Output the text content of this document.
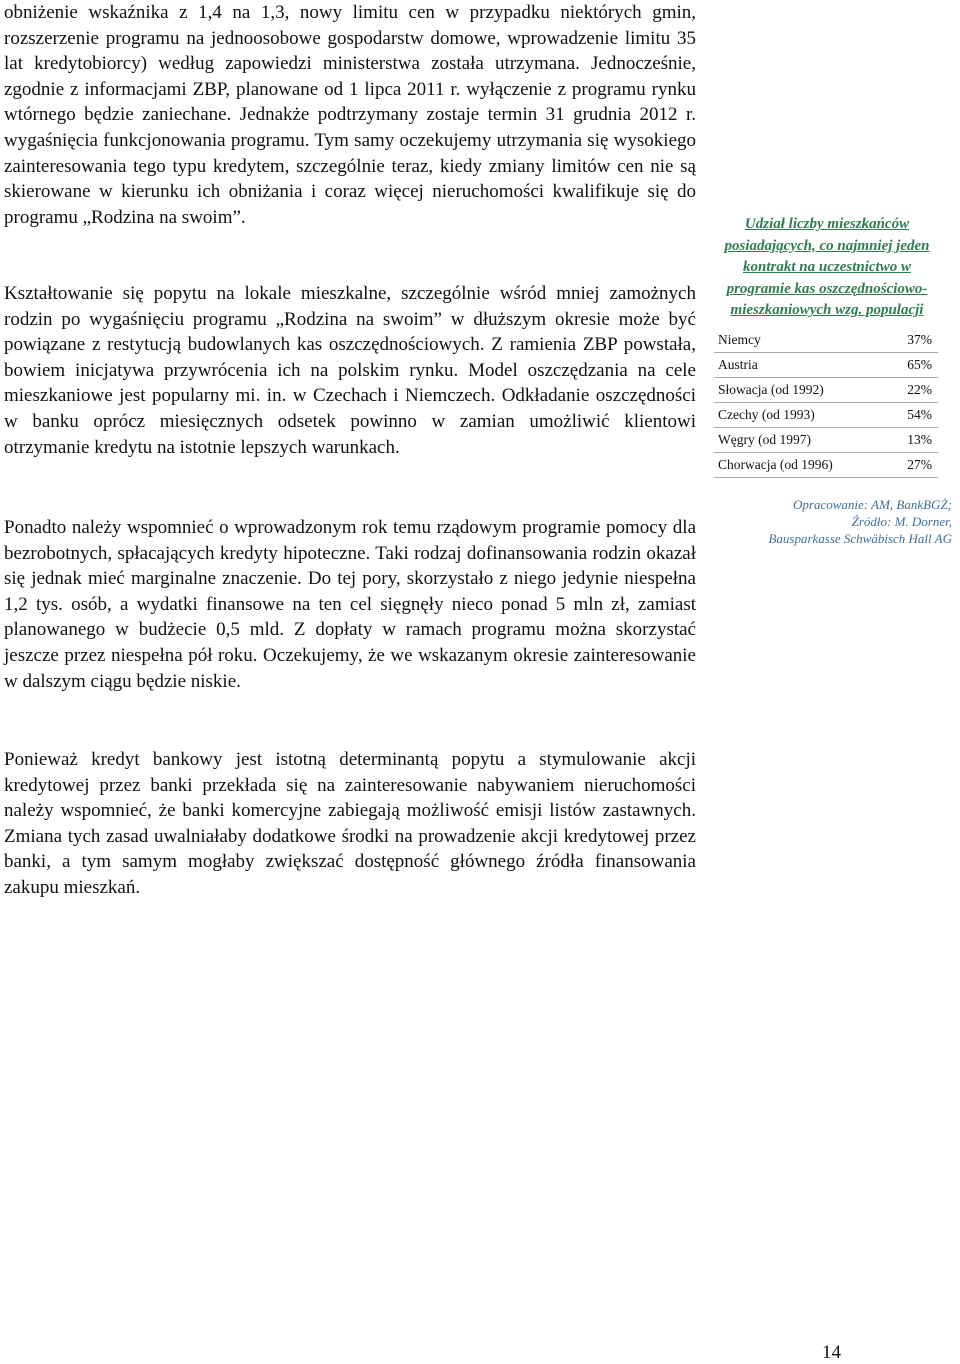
obniżenie wskaźnika z 1,4 na 1,3, nowy limitu cen w przypadku niektórych gmin, rozszerzenie programu na jednoosobowe gospodarstw domowe, wprowadzenie limitu 35 lat kredytobiorcy) według zapowiedzi ministerstwa została utrzymana. Jednocześnie, zgodnie z informacjami ZBP, planowane od 1 lipca 2011 r. wyłączenie z programu rynku wtórnego będzie zaniechane. Jednakże podtrzymany zostaje termin 31 grudnia 2012 r. wygaśnięcia funkcjonowania programu. Tym samy oczekujemy utrzymania się wysokiego zainteresowania tego typu kredytem, szczególnie teraz, kiedy zmiany limitów cen nie są skierowane w kierunku ich obniżania i coraz więcej nieruchomości kwalifikuje się do programu „Rodzina na swoim”.

Kształtowanie się popytu na lokale mieszkalne, szczególnie wśród mniej zamożnych rodzin po wygaśnięciu programu „Rodzina na swoim” w dłuższym okresie może być powiązane z restytucją budowlanych kas oszczędnościowych. Z ramienia ZBP powstała, bowiem inicjatywa przywrócenia ich na polskim rynku. Model oszczędzania na cele mieszkaniowe jest popularny mi. in. w Czechach i Niemczech. Odkładanie oszczędności w banku oprócz miesięcznych odsetek powinno w zamian umożliwić klientowi otrzymanie kredytu na istotnie lepszych warunkach.

Ponadto należy wspomnieć o wprowadzonym rok temu rządowym programie pomocy dla bezrobotnych, spłacających kredyty hipoteczne. Taki rodzaj dofinansowania rodzin okazał się jednak mieć marginalne znaczenie. Do tej pory, skorzystało z niego jedynie niespełna 1,2 tys. osób, a wydatki finansowe na ten cel sięgnęły nieco ponad 5 mln zł, zamiast planowanego w budżecie 0,5 mld. Z dopłaty w ramach programu można skorzystać jeszcze przez niespełna pół roku. Oczekujemy, że we wskazanym okresie zainteresowanie w dalszym ciągu będzie niskie.

Ponieważ kredyt bankowy jest istotną determinantą popytu a stymulowanie akcji kredytowej przez banki przekłada się na zainteresowanie nabywaniem nieruchomości należy wspomnieć, że banki komercyjne zabiegają możliwość emisji listów zastawnych. Zmiana tych zasad uwalniałaby dodatkowe środki na prowadzenie akcji kredytowej przez banki, a tym samym mogłaby zwiększać dostępność głównego źródła finansowania zakupu mieszkań.

Udział liczby mieszkańców posiadających, co najmniej jeden kontrakt na uczestnictwo w programie kas oszczędnościowo-mieszkaniowych wzg. populacji
Niemcy	37%
Austria	65%
Słowacja (od 1992)	22%
Czechy (od 1993)	54%
Węgry (od 1997)	13%
Chorwacja (od 1996)	27%
Opracowanie: AM, BankBGŻ;
Źródło: M. Dorner,
Bausparkasse Schwäbisch Hall AG
14
